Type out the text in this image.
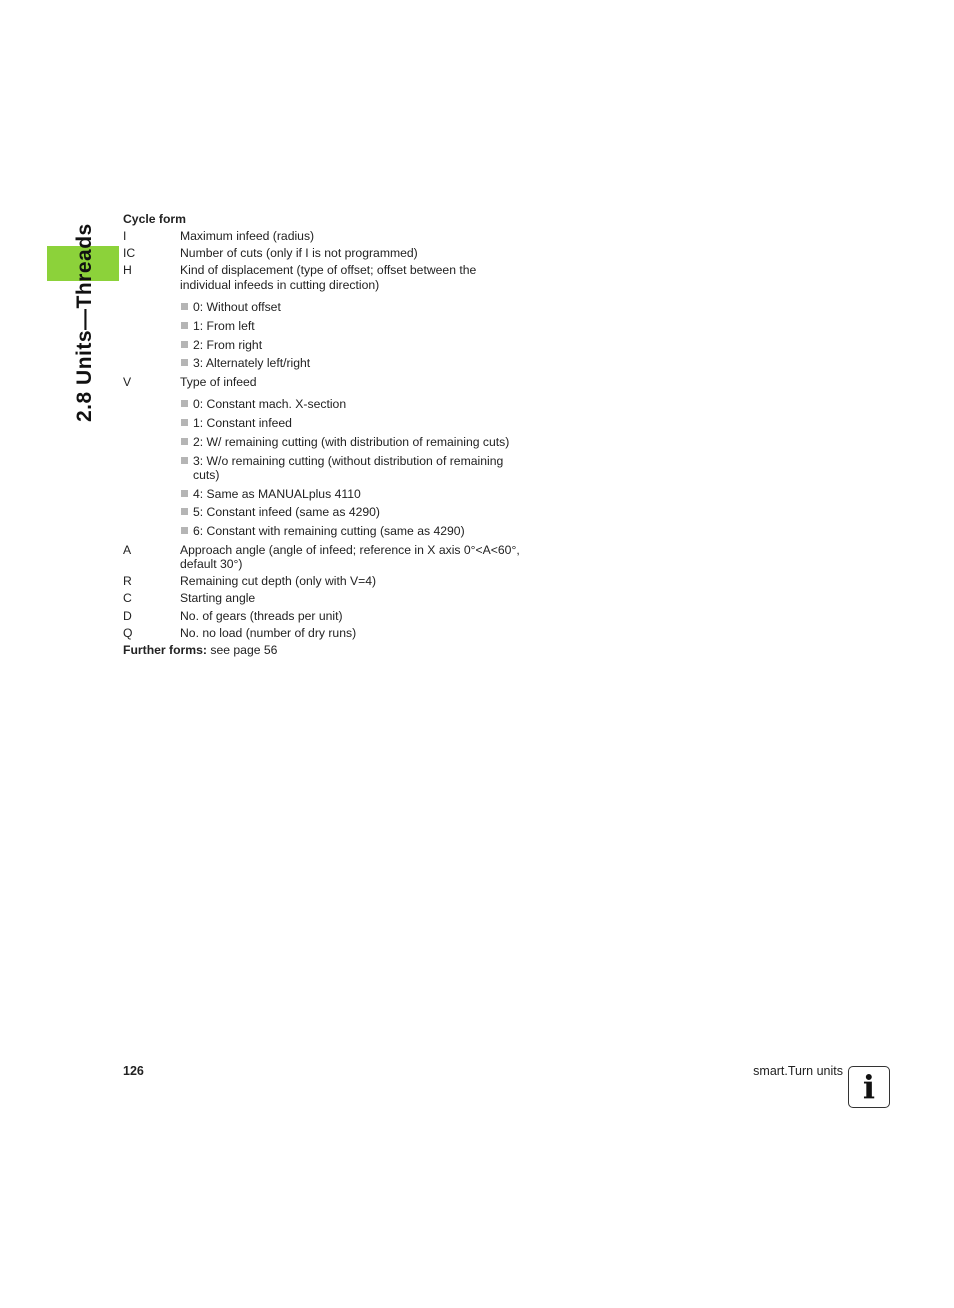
2.8 Units—Threads
Cycle form
I	Maximum infeed (radius)
IC	Number of cuts (only if I is not programmed)
H	Kind of displacement (type of offset; offset between the individual infeeds in cutting direction)
0: Without offset
1: From left
2: From right
3: Alternately left/right
V	Type of infeed
0: Constant mach. X-section
1: Constant infeed
2: W/ remaining cutting (with distribution of remaining cuts)
3: W/o remaining cutting (without distribution of remaining cuts)
4: Same as MANUALplus 4110
5: Constant infeed (same as 4290)
6: Constant with remaining cutting (same as 4290)
A	Approach angle (angle of infeed; reference in X axis 0°<A<60°, default 30°)
R	Remaining cut depth (only with V=4)
C	Starting angle
D	No. of gears (threads per unit)
Q	No. no load (number of dry runs)
Further forms: see page 56
126	smart.Turn units i
